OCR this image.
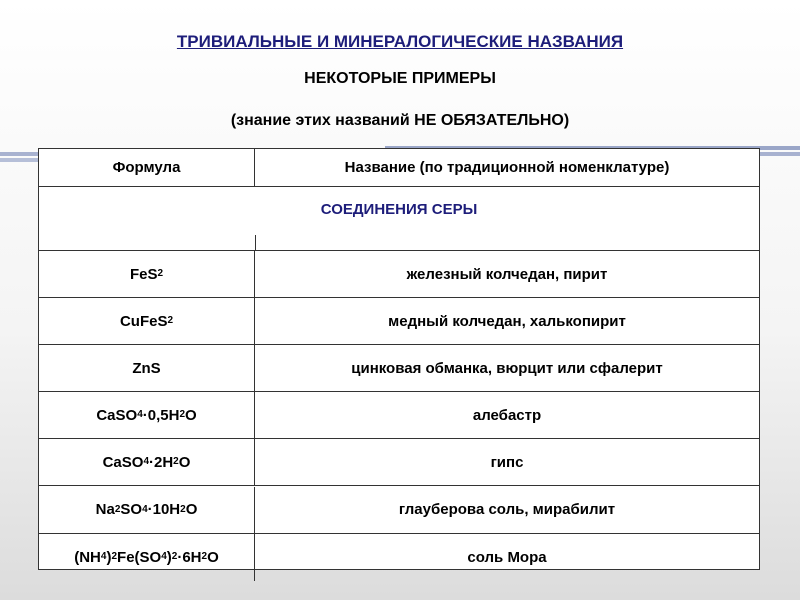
ТРИВИАЛЬНЫЕ И МИНЕРАЛОГИЧЕСКИЕ НАЗВАНИЯ
НЕКОТОРЫЕ ПРИМЕРЫ
(знание этих названий НЕ ОБЯЗАТЕЛЬНО)
Формула	Название (по традиционной номенклатуре)
СОЕДИНЕНИЯ СЕРЫ
FeS 2	железный колчедан, пирит
CuFeS 2	медный колчедан, халькопирит
ZnS	цинковая обманка, вюрцит или сфалерит
CaSO 4 ·0,5H 2 O	алебастр
CaSO 4 ·2H 2 O	гипс
Na 2 SO 4 ·10H 2 O	глауберова соль, мирабилит
(NH 4 ) 2 Fe(SO 4 ) 2 ·6H 2 O	соль Мора
